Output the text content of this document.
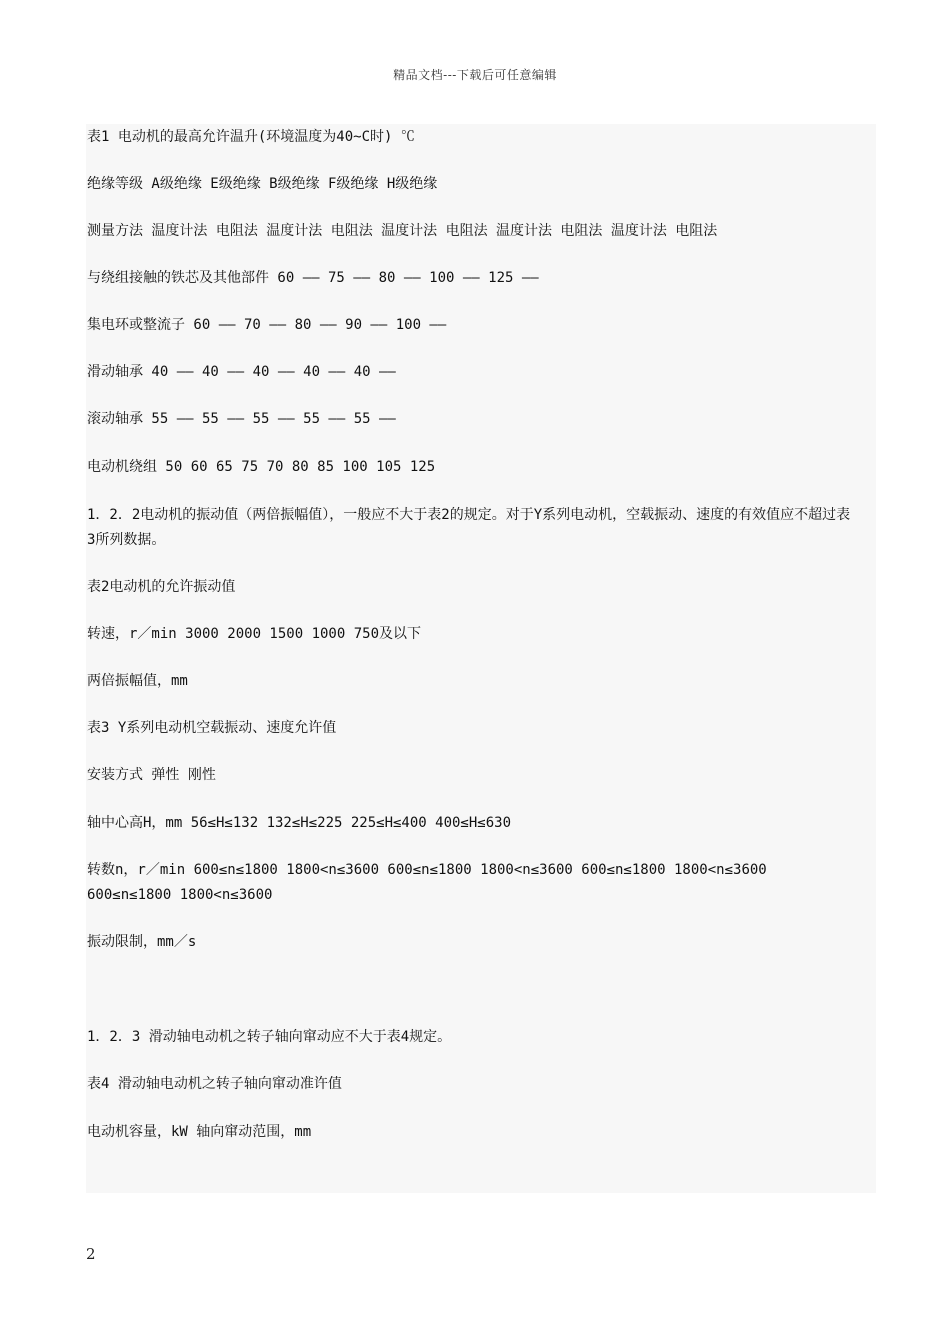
精品文档---下载后可任意编辑

表1 电动机的最高允许温升(环境温度为40~C时) ℃

绝缘等级 A级绝缘 E级绝缘 B级绝缘 F级绝缘 H级绝缘

测量方法 温度计法 电阻法 温度计法 电阻法 温度计法 电阻法 温度计法 电阻法 温度计法 电阻法

与绕组接触的铁芯及其他部件 60 —— 75 —— 80 —— 100 —— 125 ——

集电环或整流子 60 —— 70 —— 80 —— 90 —— 100 ——

滑动轴承 40 —— 40 —— 40 —— 40 —— 40 ——

滚动轴承 55 —— 55 —— 55 —— 55 —— 55 ——

电动机绕组 50 60 65 75 70 80 85 100 105 125

1．2．2电动机的振动值（两倍振幅值），一般应不大于表2的规定。对于Y系列电动机，空载振动、速度的有效值应不超过表3所列数据。

表2电动机的允许振动值

转速，r／min 3000 2000 1500 1000 750及以下

两倍振幅值，mm

表3 Y系列电动机空载振动、速度允许值

安装方式 弹性 刚性

轴中心高H，mm 56≤H≤132 132≤H≤225 225≤H≤400 400≤H≤630

转数n，r／min 600≤n≤1800 1800<n≤3600 600≤n≤1800 1800<n≤3600 600≤n≤1800 1800<n≤3600 600≤n≤1800 1800<n≤3600

振动限制，mm／s

1．2．3 滑动轴电动机之转子轴向窜动应不大于表4规定。

表4 滑动轴电动机之转子轴向窜动准许值

电动机容量，kW 轴向窜动范围，mm

2
